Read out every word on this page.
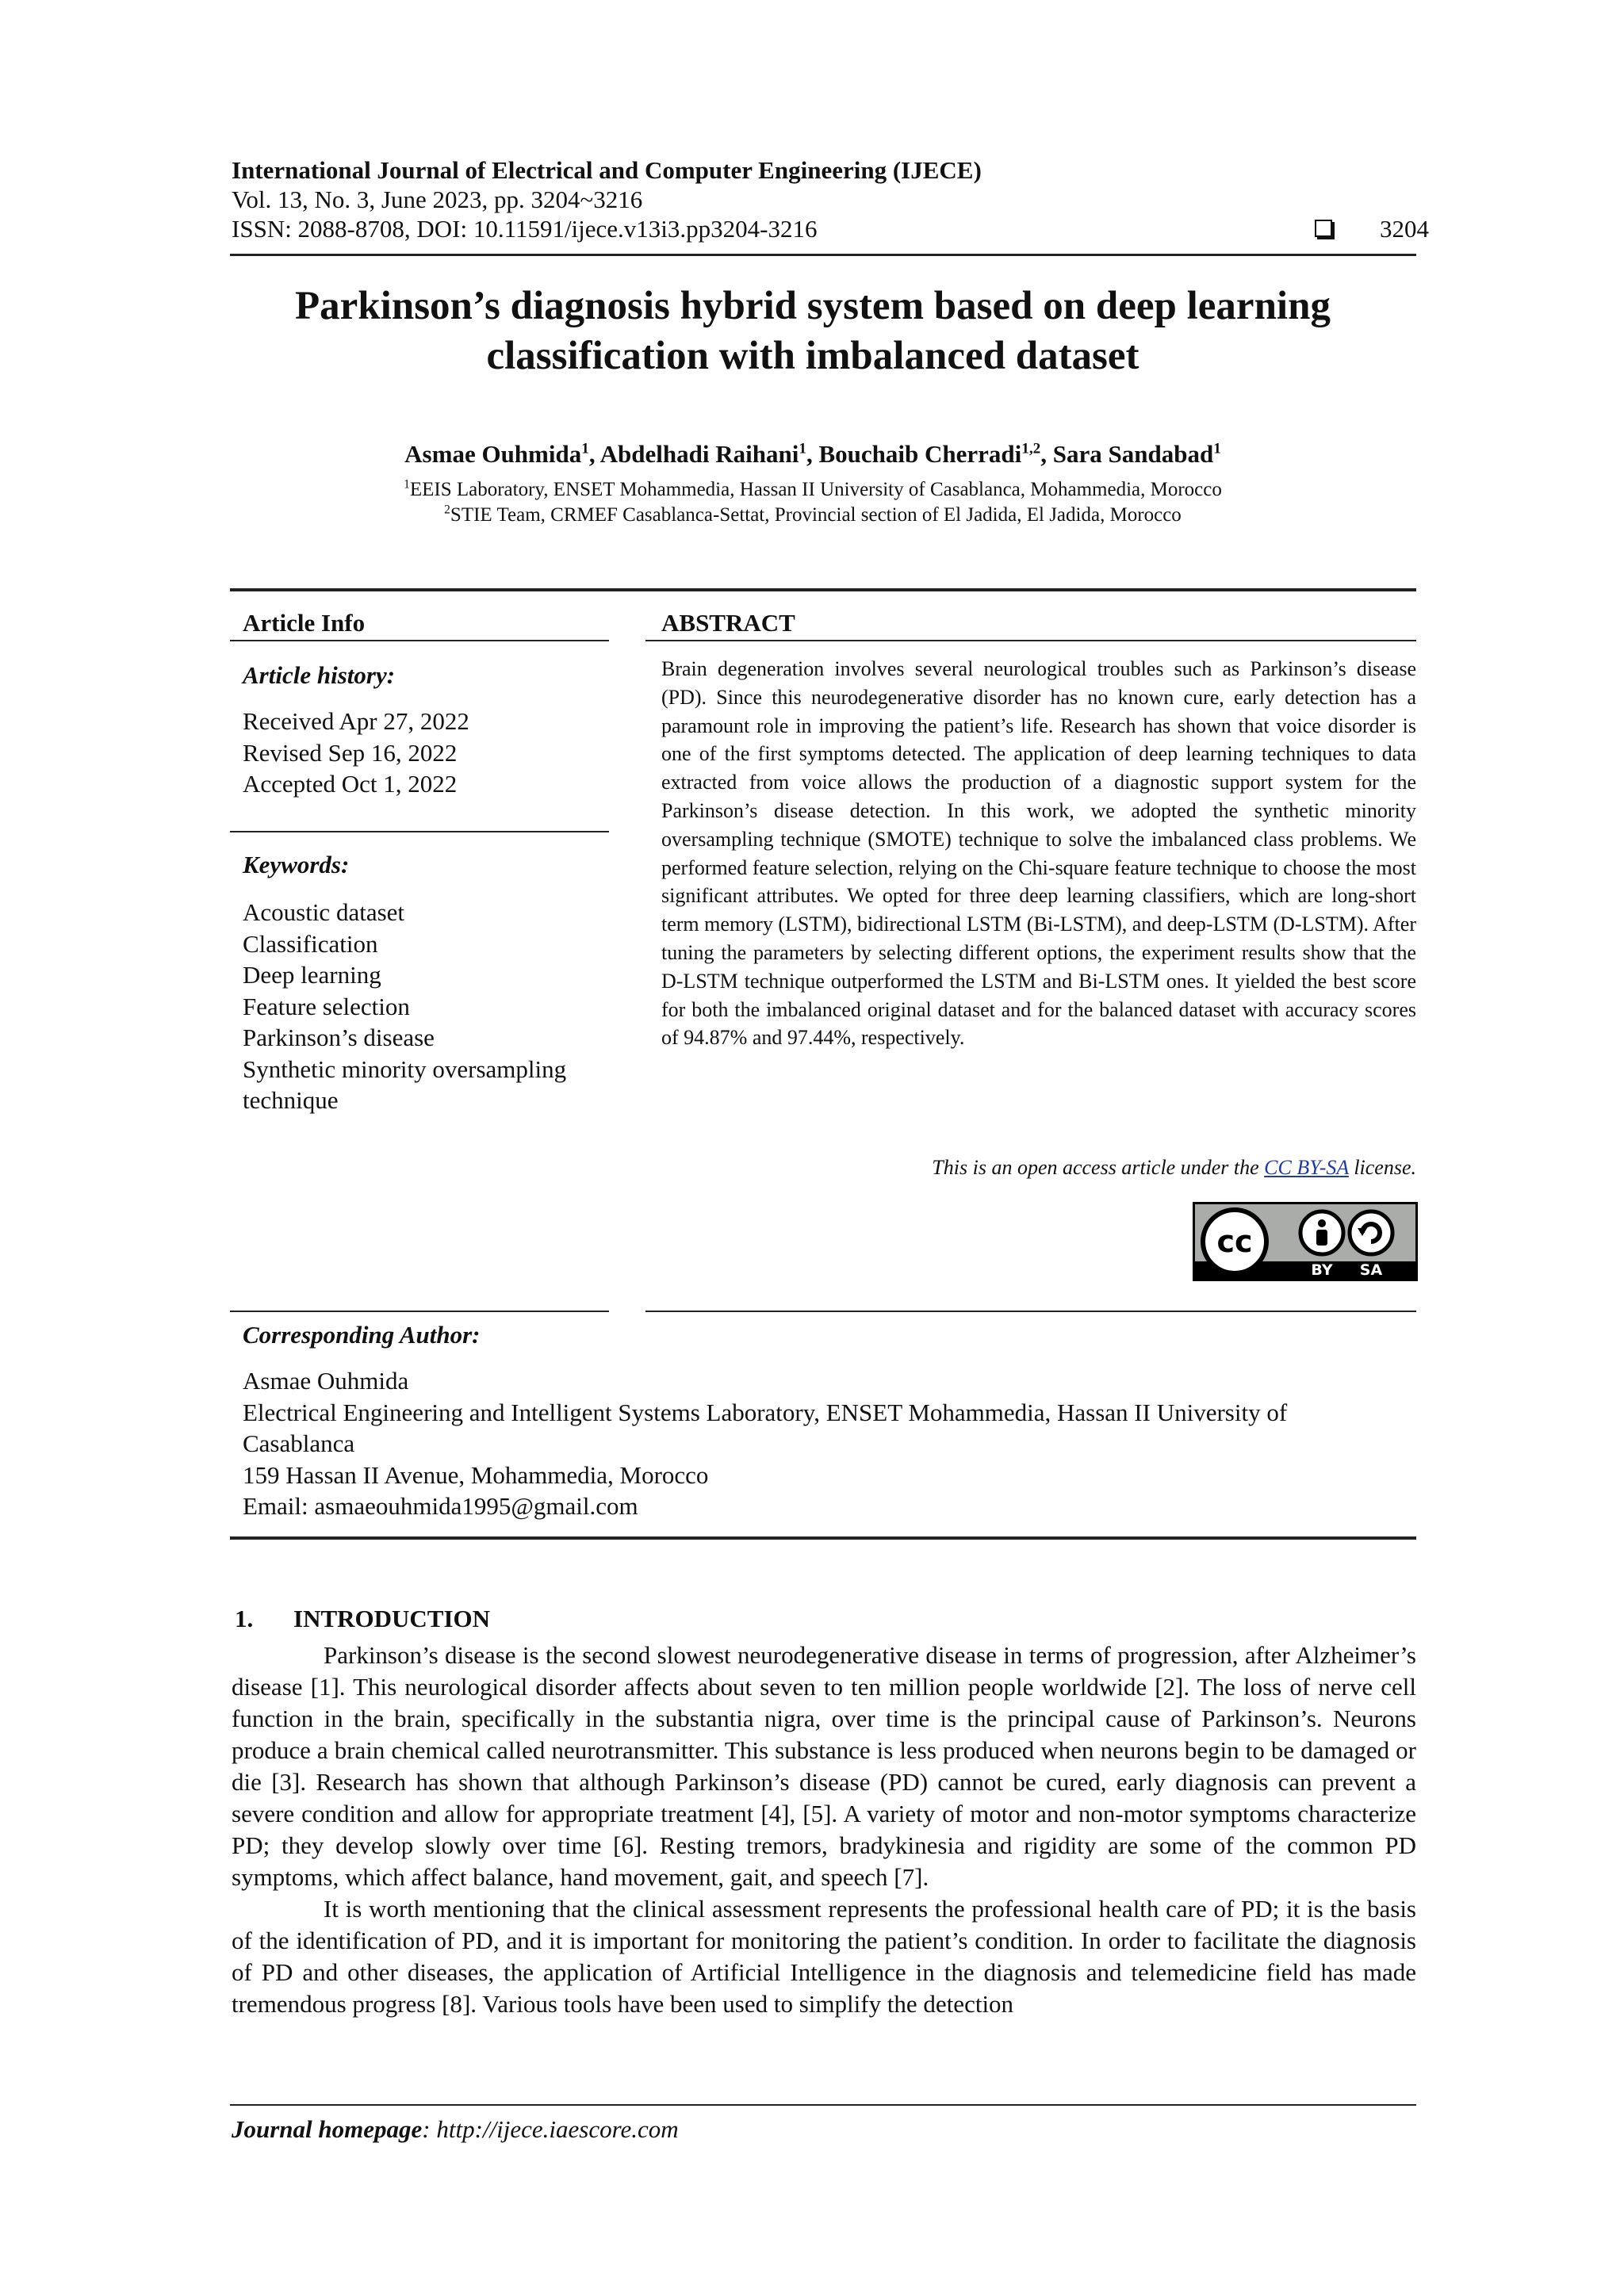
International Journal of Electrical and Computer Engineering (IJECE)
Vol. 13, No. 3, June 2023, pp. 3204~3216
ISSN: 2088-8708, DOI: 10.11591/ijece.v13i3.pp3204-3216	3204
Parkinson’s diagnosis hybrid system based on deep learning
classification with imbalanced dataset
Asmae Ouhmida$^1$, Abdelhadi Raihani$^1$, Bouchaib Cherradi$^{1,2}$, Sara Sandabad$^1$
$^1$EEIS Laboratory, ENSET Mohammedia, Hassan II University of Casablanca, Mohammedia, Morocco
$^2$STIE Team, CRMEF Casablanca-Settat, Provincial section of El Jadida, El Jadida, Morocco
Article Info	ABSTRACT
Article history:
Received Apr 27, 2022
Revised Sep 16, 2022
Accepted Oct 1, 2022
Keywords:
Acoustic dataset
Classification
Deep learning
Feature selection
Parkinson’s disease
Synthetic minority oversampling
technique
Brain degeneration involves several neurological troubles such as Parkinson’s disease (PD). Since this neurodegenerative disorder has no known cure, early detection has a paramount role in improving the patient’s life. Research has shown that voice disorder is one of the first symptoms detected. The application of deep learning techniques to data extracted from voice allows the production of a diagnostic support system for the Parkinson’s disease detection. In this work, we adopted the synthetic minority oversampling technique (SMOTE) technique to solve the imbalanced class problems. We performed feature selection, relying on the Chi-square feature technique to choose the most significant attributes. We opted for three deep learning classifiers, which are long-short term memory (LSTM), bidirectional LSTM (Bi-LSTM), and deep-LSTM (D-LSTM). After tuning the parameters by selecting different options, the experiment results show that the D-LSTM technique outperformed the LSTM and Bi-LSTM ones. It yielded the best score for both the imbalanced original dataset and for the balanced dataset with accuracy scores of 94.87% and 97.44%, respectively.
This is an open access article under the CC BY-SA license.
cc
BY SA
Corresponding Author:
Asmae Ouhmida
Electrical Engineering and Intelligent Systems Laboratory, ENSET Mohammedia, Hassan II University of
Casablanca
159 Hassan II Avenue, Mohammedia, Morocco
Email: asmaeouhmida1995@gmail.com
1. INTRODUCTION

Parkinson’s disease is the second slowest neurodegenerative disease in terms of progression, after Alzheimer’s disease [1]. This neurological disorder affects about seven to ten million people worldwide [2]. The loss of nerve cell function in the brain, specifically in the substantia nigra, over time is the principal cause of Parkinson’s. Neurons produce a brain chemical called neurotransmitter. This substance is less produced when neurons begin to be damaged or die [3]. Research has shown that although Parkinson’s disease (PD) cannot be cured, early diagnosis can prevent a severe condition and allow for appropriate treatment [4], [5]. A variety of motor and non-motor symptoms characterize PD; they develop slowly over time [6]. Resting tremors, bradykinesia and rigidity are some of the common PD symptoms, which affect balance, hand movement, gait, and speech [7].

It is worth mentioning that the clinical assessment represents the professional health care of PD; it is the basis of the identification of PD, and it is important for monitoring the patient’s condition. In order to facilitate the diagnosis of PD and other diseases, the application of Artificial Intelligence in the diagnosis and telemedicine field has made tremendous progress [8]. Various tools have been used to simplify the detection

Journal homepage: http://ijece.iaescore.com
